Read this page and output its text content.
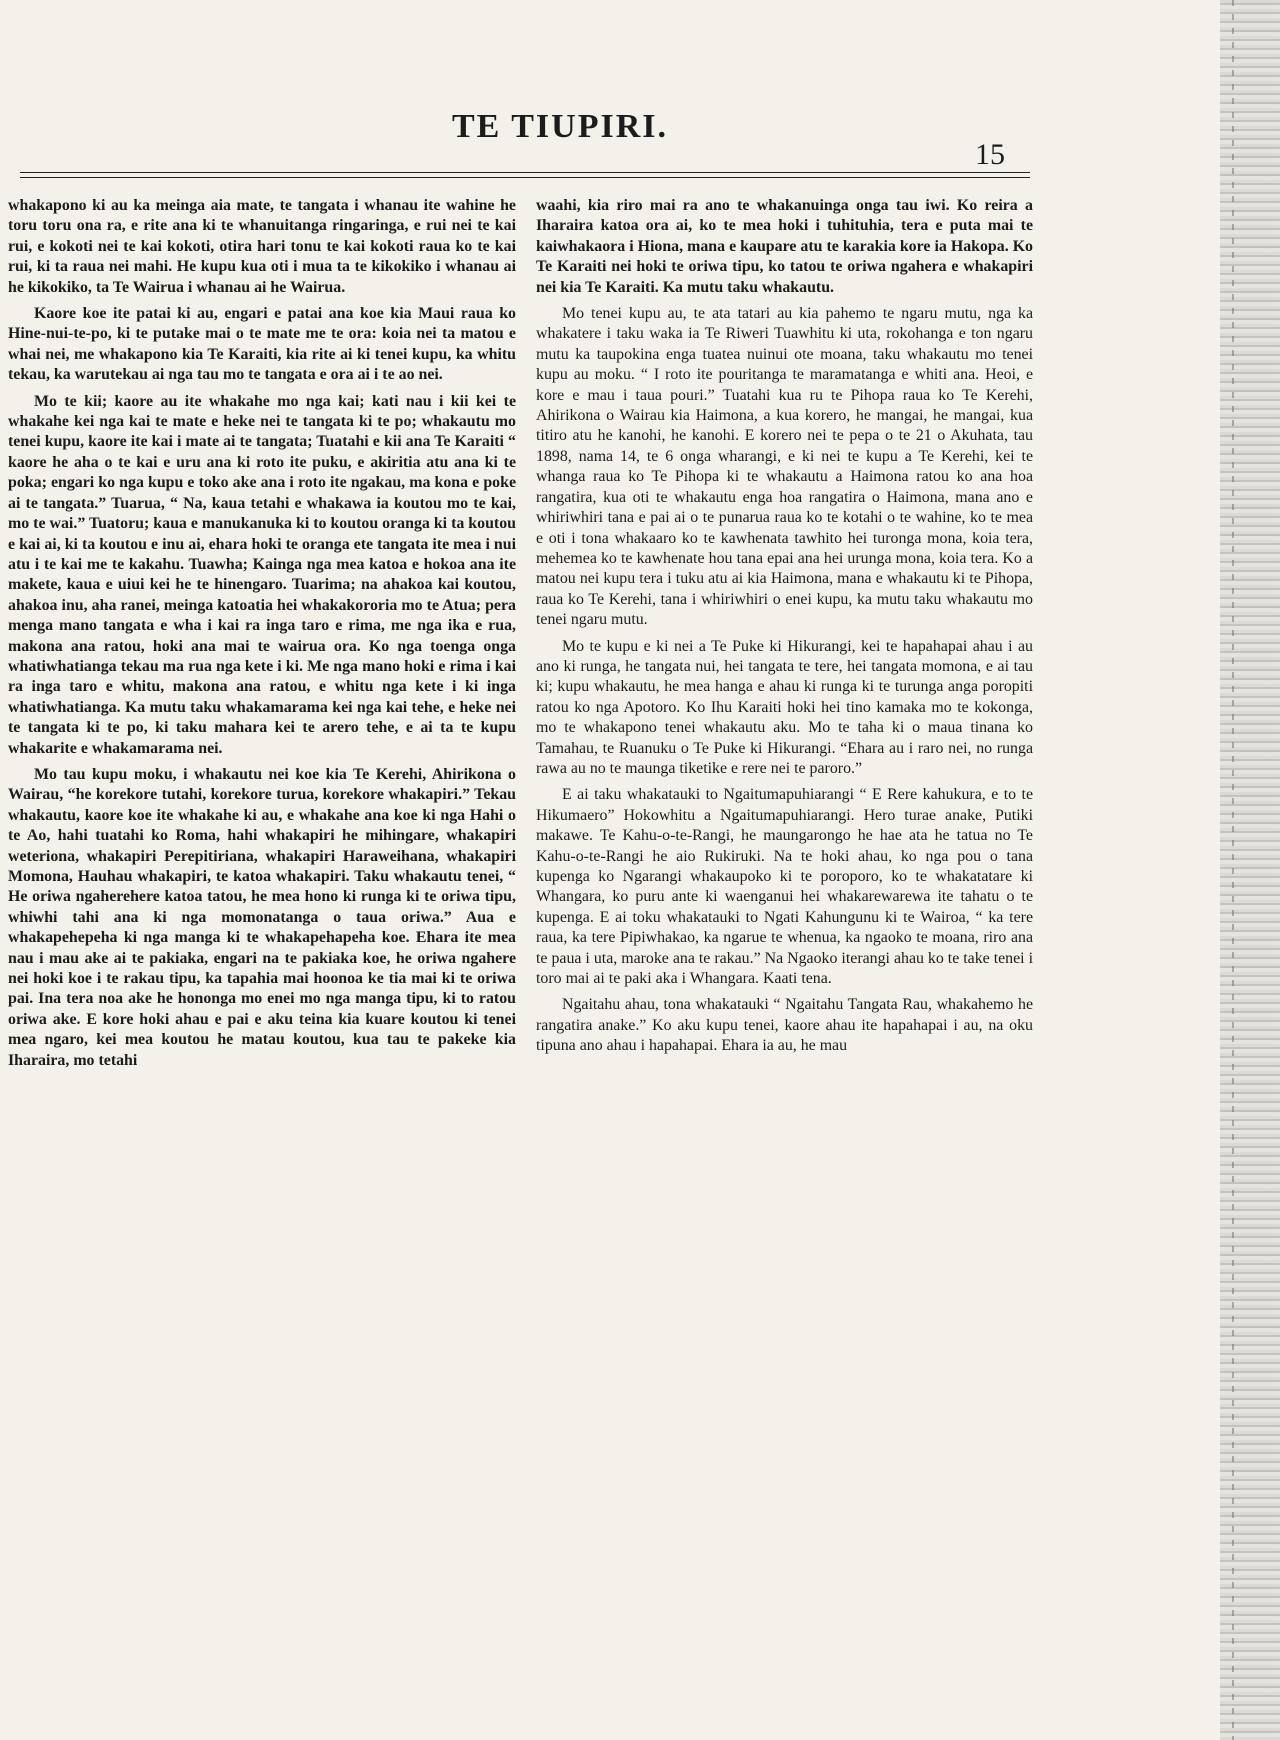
TE TIUPIRI.
15

whakapono ki au ka meinga aia mate, te tangata i whanau ite wahine he toru toru ona ra, e rite ana ki te whanuitanga ringaringa, e rui nei te kai rui, e kokoti nei te kai kokoti, otira hari tonu te kai kokoti raua ko te kai rui, ki ta raua nei mahi. He kupu kua oti i mua ta te kikokiko i whanau ai he kikokiko, ta Te Wairua i whanau ai he Wairua.

Kaore koe ite patai ki au, engari e patai ana koe kia Maui raua ko Hine-nui-te-po, ki te putake mai o te mate me te ora: koia nei ta matou e whai nei, me whakapono kia Te Karaiti, kia rite ai ki tenei kupu, ka whitu tekau, ka warutekau ai nga tau mo te tangata e ora ai i te ao nei.

Mo te kii; kaore au ite whakahe mo nga kai; kati nau i kii kei te whakahe kei nga kai te mate e heke nei te tangata ki te po; whakautu mo tenei kupu, kaore ite kai i mate ai te tangata; Tuatahi e kii ana Te Karaiti “ kaore he aha o te kai e uru ana ki roto ite puku, e akiritia atu ana ki te poka; engari ko nga kupu e toko ake ana i roto ite ngakau, ma kona e poke ai te tangata.” Tuarua, “ Na, kaua tetahi e whakawa ia koutou mo te kai, mo te wai.” Tuatoru; kaua e manukanuka ki to koutou oranga ki ta koutou e kai ai, ki ta koutou e inu ai, ehara hoki te oranga ete tangata ite mea i nui atu i te kai me te kakahu. Tuawha; Kainga nga mea katoa e hokoa ana ite makete, kaua e uiui kei he te hinengaro. Tuarima; na ahakoa kai koutou, ahakoa inu, aha ranei, meinga katoatia hei whakakororia mo te Atua; pera menga mano tangata e wha i kai ra inga taro e rima, me nga ika e rua, makona ana ratou, hoki ana mai te wairua ora. Ko nga toenga onga whatiwhatianga tekau ma rua nga kete i ki. Me nga mano hoki e rima i kai ra inga taro e whitu, makona ana ratou, e whitu nga kete i ki inga whatiwhatianga. Ka mutu taku whakamarama kei nga kai tehe, e heke nei te tangata ki te po, ki taku mahara kei te arero tehe, e ai ta te kupu whakarite e whakamarama nei.

Mo tau kupu moku, i whakautu nei koe kia Te Kerehi, Ahirikona o Wairau, “he korekore tutahi, korekore turua, korekore whakapiri.” Tekau whakautu, kaore koe ite whakahe ki au, e whakahe ana koe ki nga Hahi o te Ao, hahi tuatahi ko Roma, hahi whakapiri he mihingare, whakapiri weteriona, whakapiri Perepitiriana, whakapiri Haraweihana, whakapiri Momona, Hauhau whakapiri, te katoa whakapiri. Taku whakautu tenei, “ He oriwa ngaherehere katoa tatou, he mea hono ki runga ki te oriwa tipu, whiwhi tahi ana ki nga momonatanga o taua oriwa.” Aua e whakapehepeha ki nga manga ki te whakapehapeha koe. Ehara ite mea nau i mau ake ai te pakiaka, engari na te pakiaka koe, he oriwa ngahere nei hoki koe i te rakau tipu, ka tapahia mai hoonoa ke tia mai ki te oriwa pai. Ina tera noa ake he hononga mo enei mo nga manga tipu, ki to ratou oriwa ake. E kore hoki ahau e pai e aku teina kia kuare koutou ki tenei mea ngaro, kei mea koutou he matau koutou, kua tau te pakeke kia Iharaira, mo tetahi

waahi, kia riro mai ra ano te whakanuinga onga tau iwi. Ko reira a Iharaira katoa ora ai, ko te mea hoki i tuhituhia, tera e puta mai te kaiwhakaora i Hiona, mana e kaupare atu te karakia kore ia Hakopa. Ko Te Karaiti nei hoki te oriwa tipu, ko tatou te oriwa ngahera e whakapiri nei kia Te Karaiti. Ka mutu taku whakautu.

Mo tenei kupu au, te ata tatari au kia pahemo te ngaru mutu, nga ka whakatere i taku waka ia Te Riweri Tuawhitu ki uta, rokohanga e ton ngaru mutu ka taupokina enga tuatea nuinui ote moana, taku whakautu mo tenei kupu au moku. “ I roto ite pouritanga te maramatanga e whiti ana. Heoi, e kore e mau i taua pouri.” Tuatahi kua ru te Pihopa raua ko Te Kerehi, Ahirikona o Wairau kia Haimona, a kua korero, he mangai, he mangai, kua titiro atu he kanohi, he kanohi. E korero nei te pepa o te 21 o Akuhata, tau 1898, nama 14, te 6 onga wharangi, e ki nei te kupu a Te Kerehi, kei te whanga raua ko Te Pihopa ki te whakautu a Haimona ratou ko ana hoa rangatira, kua oti te whakautu enga hoa rangatira o Haimona, mana ano e whiriwhiri tana e pai ai o te punarua raua ko te kotahi o te wahine, ko te mea e oti i tona whakaaro ko te kawhenata tawhito hei turonga mona, koia tera, mehemea ko te kawhenate hou tana epai ana hei urunga mona, koia tera. Ko a matou nei kupu tera i tuku atu ai kia Haimona, mana e whakautu ki te Pihopa, raua ko Te Kerehi, tana i whiriwhiri o enei kupu, ka mutu taku whakautu mo tenei ngaru mutu.

Mo te kupu e ki nei a Te Puke ki Hikurangi, kei te hapahapai ahau i au ano ki runga, he tangata nui, hei tangata te tere, hei tangata momona, e ai tau ki; kupu whakautu, he mea hanga e ahau ki runga ki te turunga anga poropiti ratou ko nga Apotoro. Ko Ihu Karaiti hoki hei tino kamaka mo te kokonga, mo te whakapono tenei whakautu aku. Mo te taha ki o maua tinana ko Tamahau, te Ruanuku o Te Puke ki Hikurangi. “Ehara au i raro nei, no runga rawa au no te maunga tiketike e rere nei te paroro.”

E ai taku whakatauki to Ngaitumapuhiarangi “ E Rere kahukura, e to te Hikumaero” Hokowhitu a Ngaitumapuhiarangi. Hero turae anake, Putiki makawe. Te Kahu-o-te-Rangi, he maungarongo he hae ata he tatua no Te Kahu-o-te-Rangi he aio Rukiruki. Na te hoki ahau, ko nga pou o tana kupenga ko Ngarangi whakaupoko ki te poroporo, ko te whakatatare ki Whangara, ko puru ante ki waenganui hei whakarewarewa ite tahatu o te kupenga. E ai toku whakatauki to Ngati Kahungunu ki te Wairoa, “ ka tere raua, ka tere Pipiwhakao, ka ngarue te whenua, ka ngaoko te moana, riro ana te paua i uta, maroke ana te rakau.” Na Ngaoko iterangi ahau ko te take tenei i toro mai ai te paki aka i Whangara. Kaati tena.

Ngaitahu ahau, tona whakatauki “ Ngaitahu Tangata Rau, whakahemo he rangatira anake.” Ko aku kupu tenei, kaore ahau ite hapahapai i au, na oku tipuna ano ahau i hapahapai. Ehara ia au, he mau
